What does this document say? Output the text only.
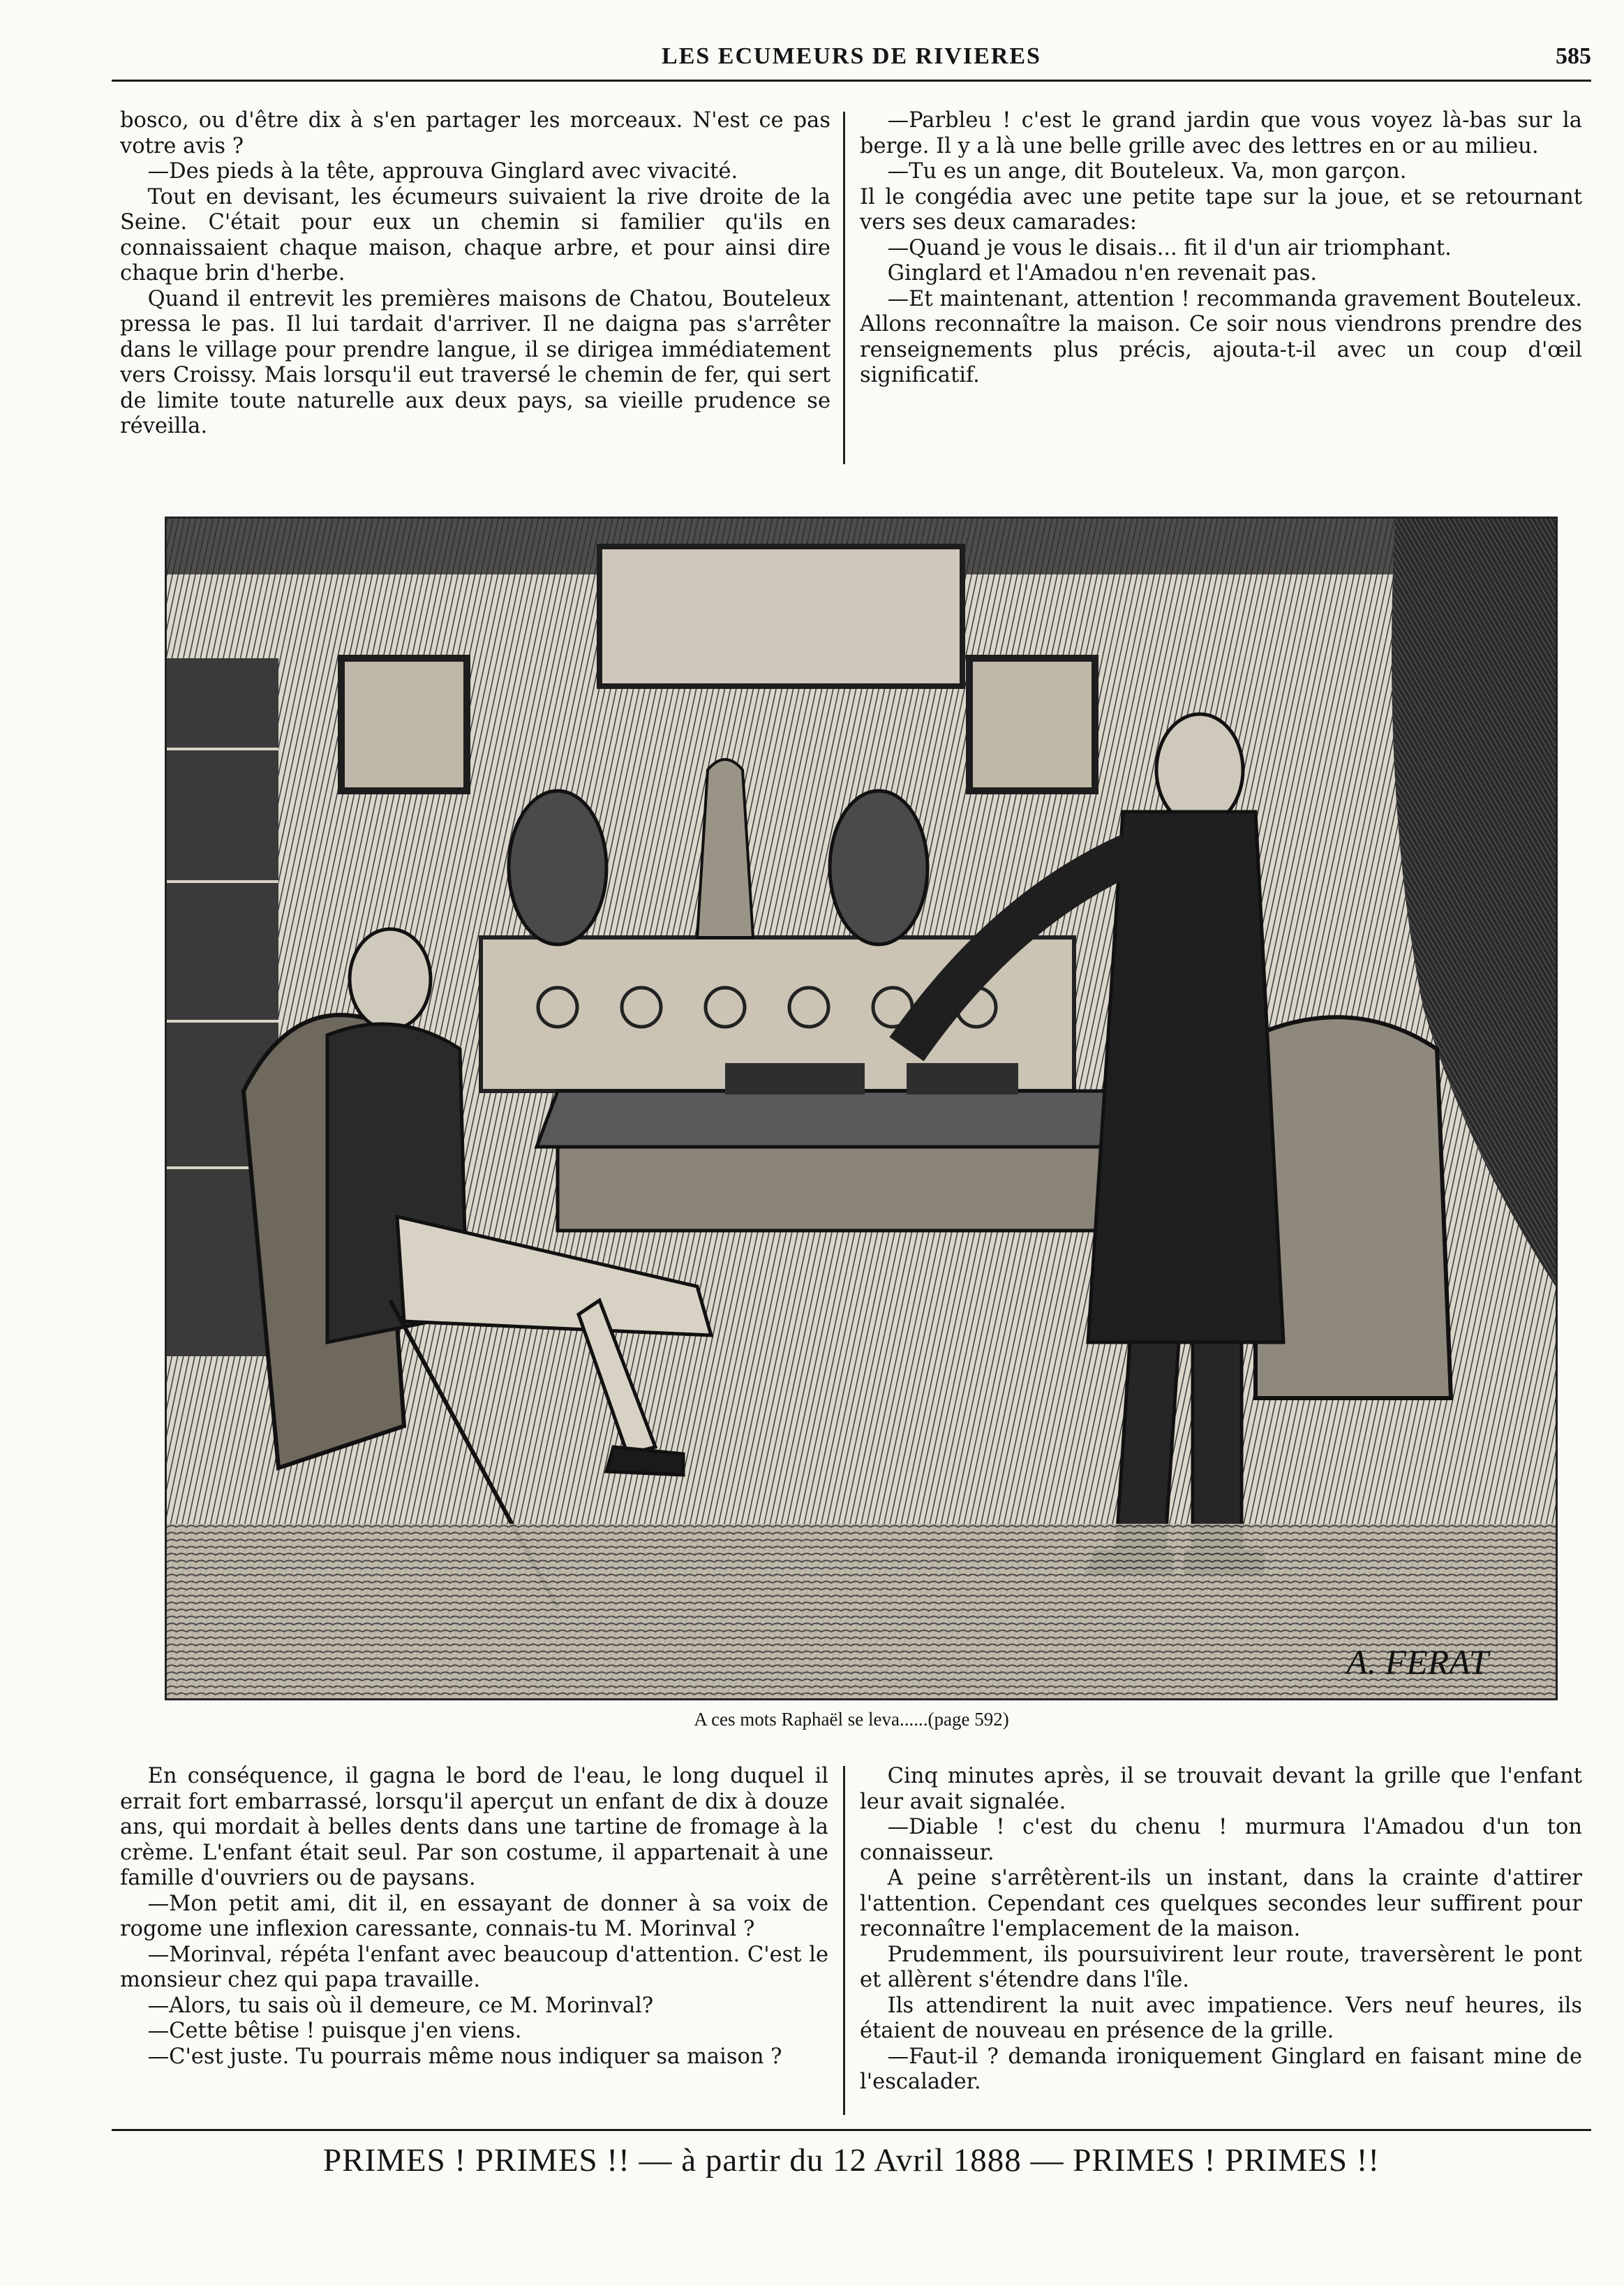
LES ECUMEURS DE RIVIERES	585

bosco, ou d'être dix à s'en partager les morceaux. N'est ce pas votre avis ?

—Des pieds à la tête, approuva Ginglard avec vivacité.

Tout en devisant, les écumeurs suivaient la rive droite de la Seine. C'était pour eux un chemin si familier qu'ils en connaissaient chaque maison, chaque arbre, et pour ainsi dire chaque brin d'herbe.

Quand il entrevit les premières maisons de Chatou, Bouteleux pressa le pas. Il lui tardait d'arriver. Il ne daigna pas s'arrêter dans le village pour prendre langue, il se dirigea immédiatement vers Croissy. Mais lorsqu'il eut traversé le chemin de fer, qui sert de limite toute naturelle aux deux pays, sa vieille prudence se réveilla.

—Parbleu ! c'est le grand jardin que vous voyez là-bas sur la berge. Il y a là une belle grille avec des lettres en or au milieu.

—Tu es un ange, dit Bouteleux. Va, mon garçon.

Il le congédia avec une petite tape sur la joue, et se retournant vers ses deux camarades:

—Quand je vous le disais... fit il d'un air triomphant.

Ginglard et l'Amadou n'en revenait pas.

—Et maintenant, attention ! recommanda gravement Bouteleux. Allons reconnaître la maison. Ce soir nous viendrons prendre des renseignements plus précis, ajouta-t-il avec un coup d'œil significatif.

A. FERAT
A ces mots Raphaël se leva......(page 592)

En conséquence, il gagna le bord de l'eau, le long duquel il errait fort embarrassé, lorsqu'il aperçut un enfant de dix à douze ans, qui mordait à belles dents dans une tartine de fromage à la crème. L'enfant était seul. Par son costume, il appartenait à une famille d'ouvriers ou de paysans.

—Mon petit ami, dit il, en essayant de donner à sa voix de rogome une inflexion caressante, connais-tu M. Morinval ?

—Morinval, répéta l'enfant avec beaucoup d'attention. C'est le monsieur chez qui papa travaille.

—Alors, tu sais où il demeure, ce M. Morinval?

—Cette bêtise ! puisque j'en viens.

—C'est juste. Tu pourrais même nous indiquer sa maison ?

Cinq minutes après, il se trouvait devant la grille que l'enfant leur avait signalée.

—Diable ! c'est du chenu ! murmura l'Amadou d'un ton connaisseur.

A peine s'arrêtèrent-ils un instant, dans la crainte d'attirer l'attention. Cependant ces quelques secondes leur suffirent pour reconnaître l'emplacement de la maison.

Prudemment, ils poursuivirent leur route, traversèrent le pont et allèrent s'étendre dans l'île.

Ils attendirent la nuit avec impatience. Vers neuf heures, ils étaient de nouveau en présence de la grille.

—Faut-il ? demanda ironiquement Ginglard en faisant mine de l'escalader.

PRIMES ! PRIMES !! — à partir du 12 Avril 1888 — PRIMES ! PRIMES !!
